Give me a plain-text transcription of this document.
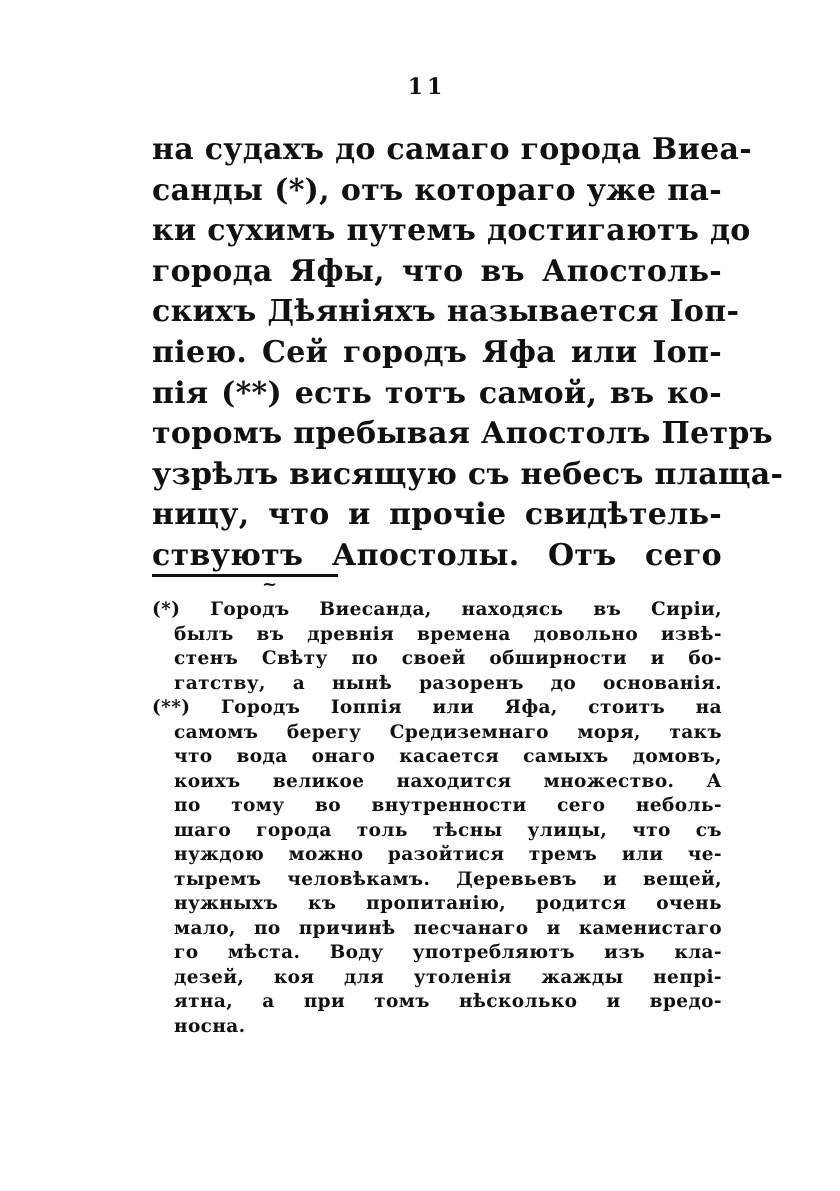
11
на судахъ до самаго города Виеа-
санды (*), отъ котораго уже па-
ки сухимъ путемъ достигаютъ до
города Яфы, что въ Апостоль-
скихъ Дѣяніяхъ называется Іоп-
піею. Сей городъ Яфа или Іоп-
пія (**) есть тотъ самой, въ ко-
торомъ пребывая Апостолъ Петръ
узрѣлъ висящую съ небесъ плаща-
ницу, что и прочіе свидѣтель-
ствуютъ Апостолы. Отъ сего
~
(*) Городъ Виесанда, находясь въ Сиріи,
былъ въ древнія времена довольно извѣ-
стенъ Свѣту по своей обширности и бо-
гатству, а нынѣ разоренъ до основанія.
(**) Городъ Іоппія или Яфа, стоитъ на
самомъ берегу Средиземнаго моря, такъ
что вода онаго касается самыхъ домовъ,
коихъ великое находится множество. А
по тому во внутренности сего неболь-
шаго города толь тѣсны улицы, что съ
нуждою можно разойтися тремъ или че-
тыремъ человѣкамъ. Деревьевъ и вещей,
нужныхъ къ пропитанію, родится очень
мало, по причинѣ песчанаго и каменистаго
го мѣста. Воду употребляютъ изъ кла-
дезей, коя для утоленія жажды непрі-
ятна, а при томъ нѣсколько и вредо-
носна.
